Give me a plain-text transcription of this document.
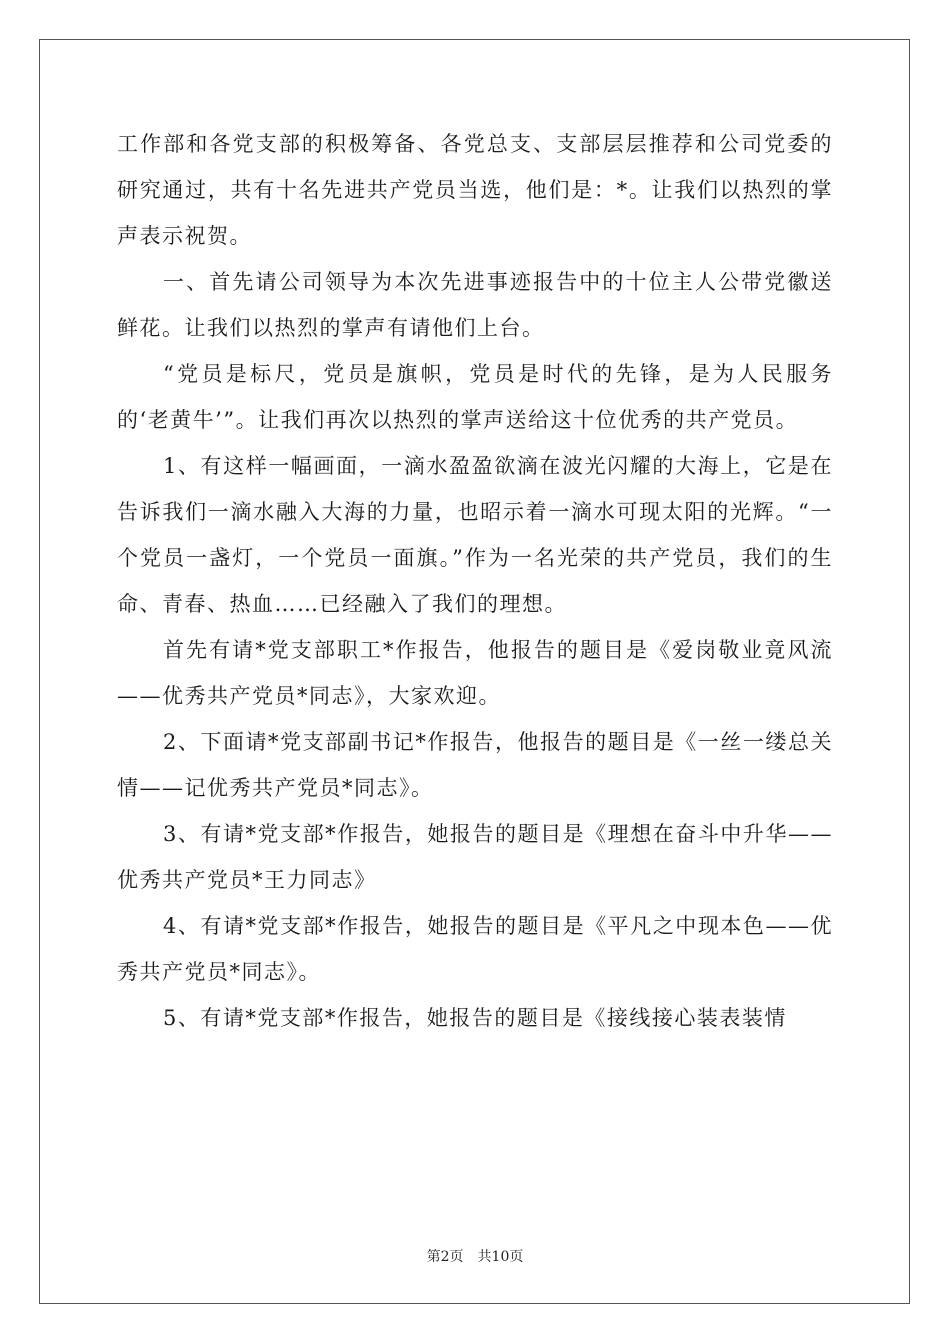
工作部和各党支部的积极筹备、各党总支、支部层层推荐和公司党委的研究通过，共有十名先进共产党员当选，他们是：*。让我们以热烈的掌声表示祝贺。

一、首先请公司领导为本次先进事迹报告中的十位主人公带党徽送鲜花。让我们以热烈的掌声有请他们上台。

“党员是标尺，党员是旗帜，党员是时代的先锋，是为人民服务的‘老黄牛’”。让我们再次以热烈的掌声送给这十位优秀的共产党员。

1、有这样一幅画面，一滴水盈盈欲滴在波光闪耀的大海上，它是在告诉我们一滴水融入大海的力量，也昭示着一滴水可现太阳的光辉。“一个党员一盏灯，一个党员一面旗。”作为一名光荣的共产党员，我们的生命、青春、热血……已经融入了我们的理想。

首先有请*党支部职工*作报告，他报告的题目是《爱岗敬业竟风流——优秀共产党员*同志》，大家欢迎。

2、下面请*党支部副书记*作报告，他报告的题目是《一丝一缕总关情——记优秀共产党员*同志》。

3、有请*党支部*作报告，她报告的题目是《理想在奋斗中升华——优秀共产党员*王力同志》

4、有请*党支部*作报告，她报告的题目是《平凡之中现本色——优秀共产党员*同志》。

5、有请*党支部*作报告，她报告的题目是《接线接心装表装情

第2页 共10页
